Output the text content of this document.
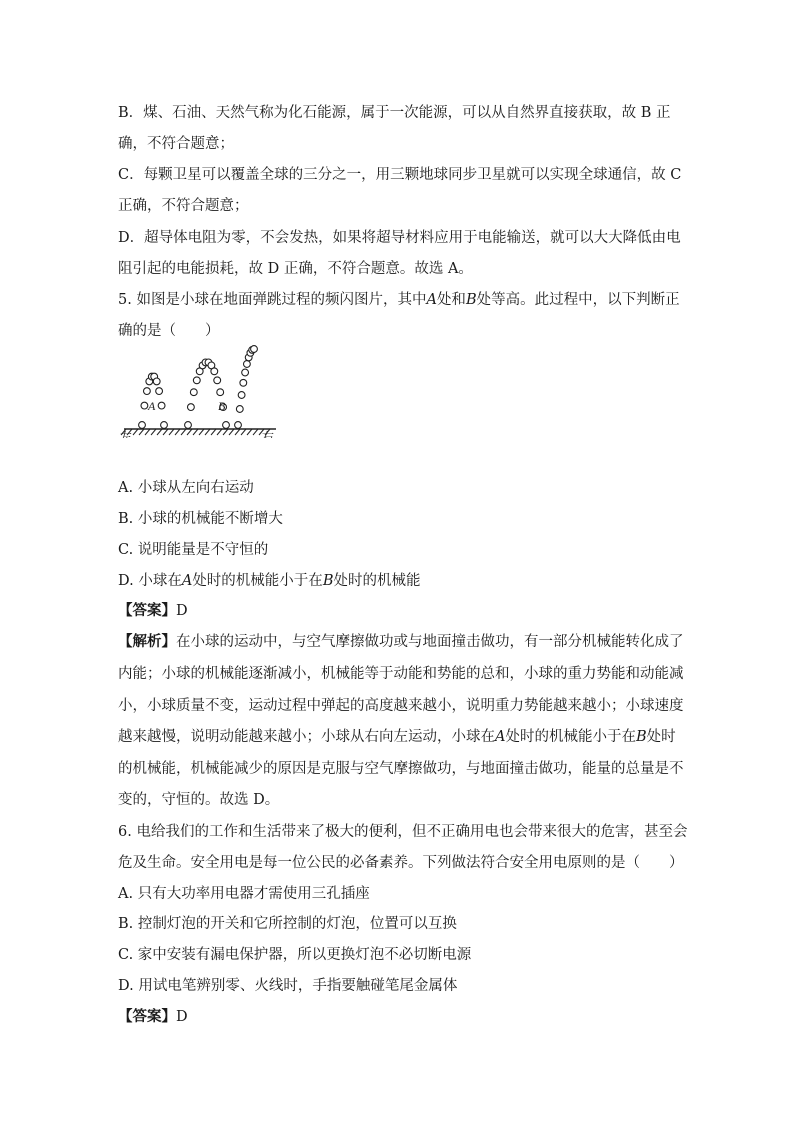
B．煤、石油、天然气称为化石能源，属于一次能源，可以从自然界直接获取，故 B 正
确，不符合题意；
C．每颗卫星可以覆盖全球的三分之一，用三颗地球同步卫星就可以实现全球通信，故 C
正确，不符合题意；
D．超导体电阻为零，不会发热，如果将超导材料应用于电能输送，就可以大大降低由电
阻引起的电能损耗，故 D 正确，不符合题意。故选 A。
5. 如图是小球在地面弹跳过程的频闪图片，其中A处和B处等高。此过程中，以下判断正
确的是（　　）
A	B
左	右
A. 小球从左向右运动
B. 小球的机械能不断增大
C. 说明能量是不守恒的
D. 小球在A处时的机械能小于在B处时的机械能
【答案】D
【解析】在小球的运动中，与空气摩擦做功或与地面撞击做功，有一部分机械能转化成了
内能；小球的机械能逐渐减小，机械能等于动能和势能的总和，小球的重力势能和动能减
小，小球质量不变，运动过程中弹起的高度越来越小，说明重力势能越来越小；小球速度
越来越慢，说明动能越来越小；小球从右向左运动，小球在A处时的机械能小于在B处时
的机械能，机械能减少的原因是克服与空气摩擦做功，与地面撞击做功，能量的总量是不
变的，守恒的。故选 D。
6. 电给我们的工作和生活带来了极大的便利，但不正确用电也会带来很大的危害，甚至会
危及生命。安全用电是每一位公民的必备素养。下列做法符合安全用电原则的是（　　）
A. 只有大功率用电器才需使用三孔插座
B. 控制灯泡的开关和它所控制的灯泡，位置可以互换
C. 家中安装有漏电保护器，所以更换灯泡不必切断电源
D. 用试电笔辨别零、火线时，手指要触碰笔尾金属体
【答案】D
